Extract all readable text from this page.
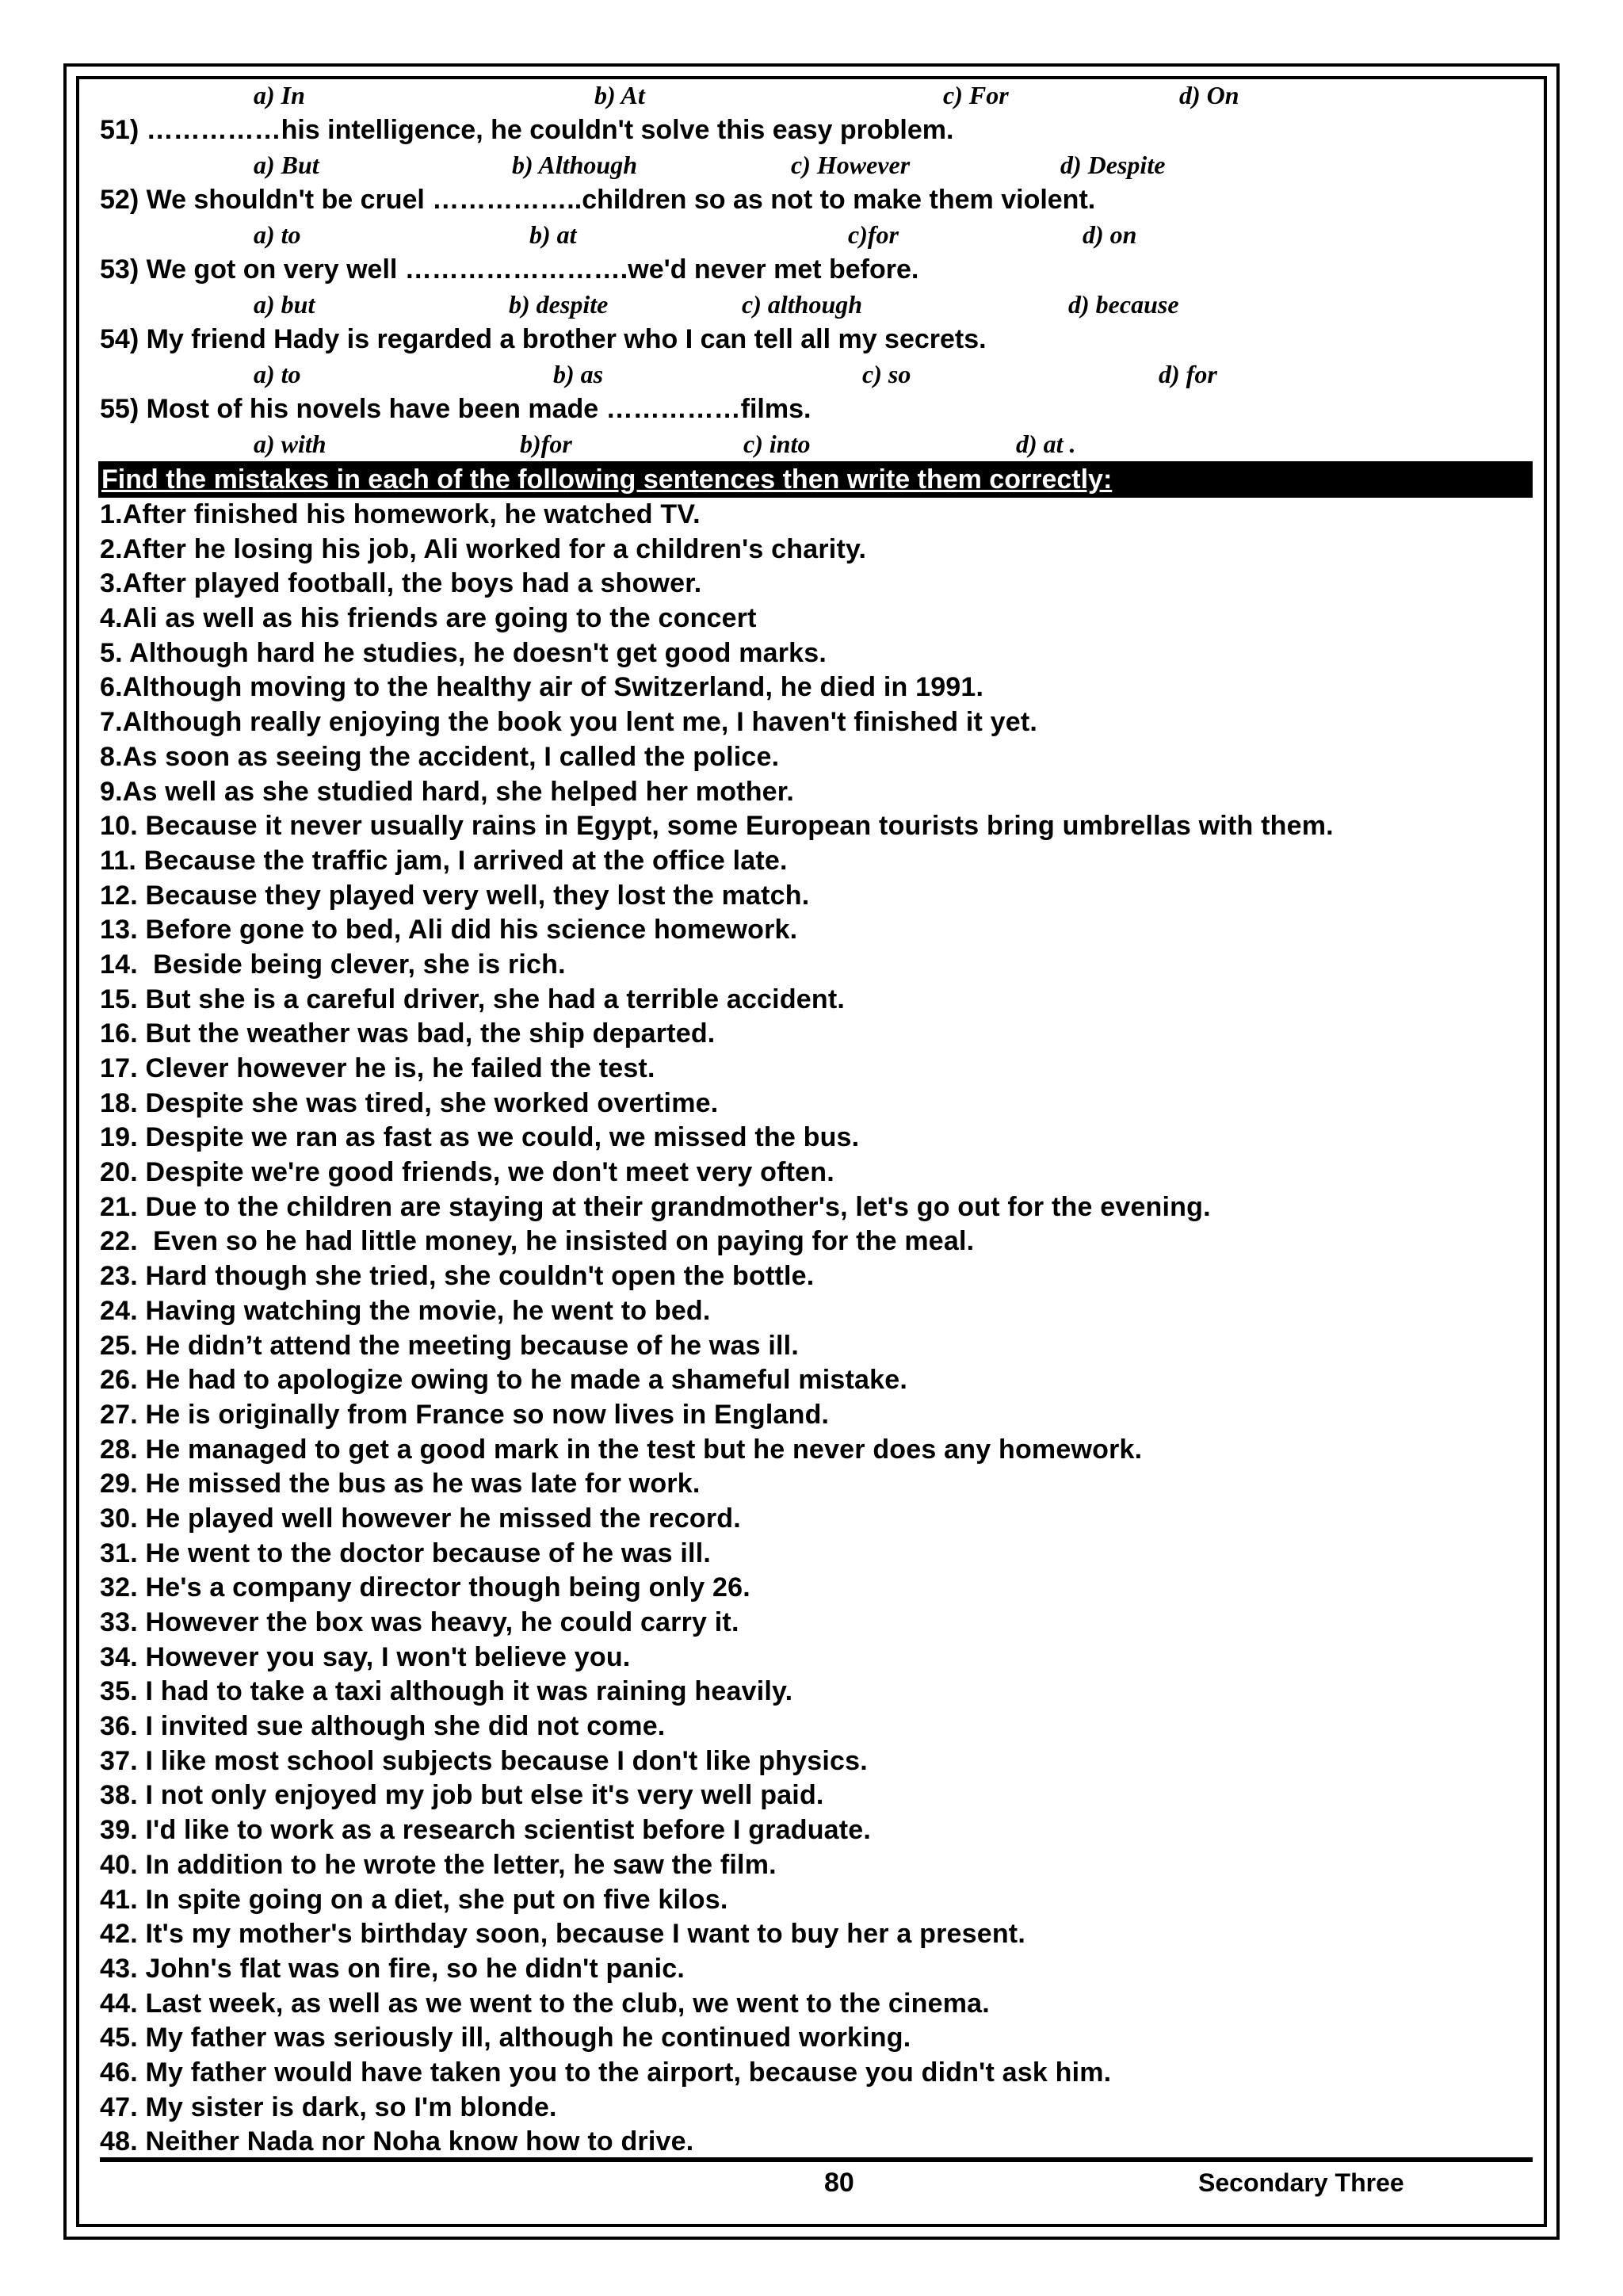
a) In	b) At	c) For	d) On
51) ……………his intelligence, he couldn't solve this easy problem.
a) But	b) Although	c) However	d) Despite
52) We shouldn't be cruel ……………..children so as not to make them violent.
a) to	b) at	c)for	d) on
53) We got on very well …………………….we'd never met before.
a) but	b) despite	c) although	d) because
54) My friend Hady is regarded a brother who I can tell all my secrets.
a) to	b) as	c) so	d) for
55) Most of his novels have been made ……………films.
a) with	b)for	c) into	d) at .
Find the mistakes in each of the following sentences then write them correctly:
1.After finished his homework, he watched TV.
2.After he losing his job, Ali worked for a children's charity.
3.After played football, the boys had a shower.
4.Ali as well as his friends are going to the concert
5. Although hard he studies, he doesn't get good marks.
6.Although moving to the healthy air of Switzerland, he died in 1991.
7.Although really enjoying the book you lent me, I haven't finished it yet.
8.As soon as seeing the accident, I called the police.
9.As well as she studied hard, she helped her mother.
10. Because it never usually rains in Egypt, some European tourists bring umbrellas with them.
11. Because the traffic jam, I arrived at the office late.
12. Because they played very well, they lost the match.
13. Before gone to bed, Ali did his science homework.
14.  Beside being clever, she is rich.
15. But she is a careful driver, she had a terrible accident.
16. But the weather was bad, the ship departed.
17. Clever however he is, he failed the test.
18. Despite she was tired, she worked overtime.
19. Despite we ran as fast as we could, we missed the bus.
20. Despite we're good friends, we don't meet very often.
21. Due to the children are staying at their grandmother's, let's go out for the evening.
22.  Even so he had little money, he insisted on paying for the meal.
23. Hard though she tried, she couldn't open the bottle.
24. Having watching the movie, he went to bed.
25. He didn’t attend the meeting because of he was ill.
26. He had to apologize owing to he made a shameful mistake.
27. He is originally from France so now lives in England.
28. He managed to get a good mark in the test but he never does any homework.
29. He missed the bus as he was late for work.
30. He played well however he missed the record.
31. He went to the doctor because of he was ill.
32. He's a company director though being only 26.
33. However the box was heavy, he could carry it.
34. However you say, I won't believe you.
35. I had to take a taxi although it was raining heavily.
36. I invited sue although she did not come.
37. I like most school subjects because I don't like physics.
38. I not only enjoyed my job but else it's very well paid.
39. I'd like to work as a research scientist before I graduate.
40. In addition to he wrote the letter, he saw the film.
41. In spite going on a diet, she put on five kilos.
42. It's my mother's birthday soon, because I want to buy her a present.
43. John's flat was on fire, so he didn't panic.
44. Last week, as well as we went to the club, we went to the cinema.
45. My father was seriously ill, although he continued working.
46. My father would have taken you to the airport, because you didn't ask him.
47. My sister is dark, so I'm blonde.
48. Neither Nada nor Noha know how to drive.
80	Secondary Three
